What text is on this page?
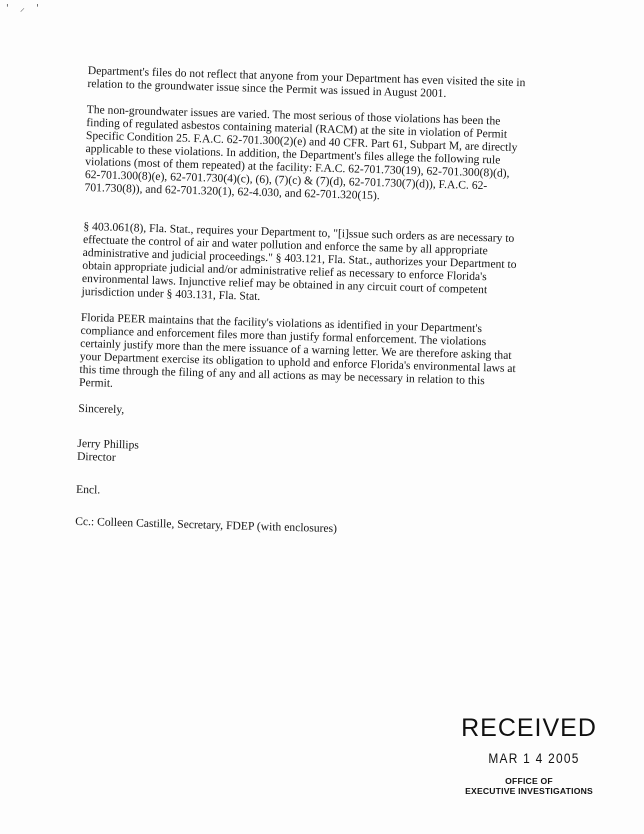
' ⸝ '

Department's files do not reflect that anyone from your Department has even visited the site in relation to the groundwater issue since the Permit was issued in August 2001.

The non-groundwater issues are varied. The most serious of those violations has been the finding of regulated asbestos containing material (RACM) at the site in violation of Permit Specific Condition 25. F.A.C. 62-701.300(2)(e) and 40 CFR. Part 61, Subpart M, are directly applicable to these violations. In addition, the Department's files allege the following rule violations (most of them repeated) at the facility: F.A.C. 62-701.730(19), 62-701.300(8)(d), 62-701.300(8)(e), 62-701.730(4)(c), (6), (7)(c) & (7)(d), 62-701.730(7)(d)), F.A.C. 62-701.730(8)), and 62-701.320(1), 62-4.030, and 62-701.320(15).

§ 403.061(8), Fla. Stat., requires your Department to, "[i]ssue such orders as are necessary to effectuate the control of air and water pollution and enforce the same by all appropriate administrative and judicial proceedings." § 403.121, Fla. Stat., authorizes your Department to obtain appropriate judicial and/or administrative relief as necessary to enforce Florida's environmental laws. Injunctive relief may be obtained in any circuit court of competent jurisdiction under § 403.131, Fla. Stat.

Florida PEER maintains that the facility's violations as identified in your Department's compliance and enforcement files more than justify formal enforcement. The violations certainly justify more than the mere issuance of a warning letter. We are therefore asking that your Department exercise its obligation to uphold and enforce Florida's environmental laws at this time through the filing of any and all actions as may be necessary in relation to this Permit.

Sincerely,

Jerry Phillips

Director

Encl.

Cc.: Colleen Castille, Secretary, FDEP (with enclosures)

RECEIVED

MAR 1 4 2005

OFFICE OF

EXECUTIVE INVESTIGATIONS
